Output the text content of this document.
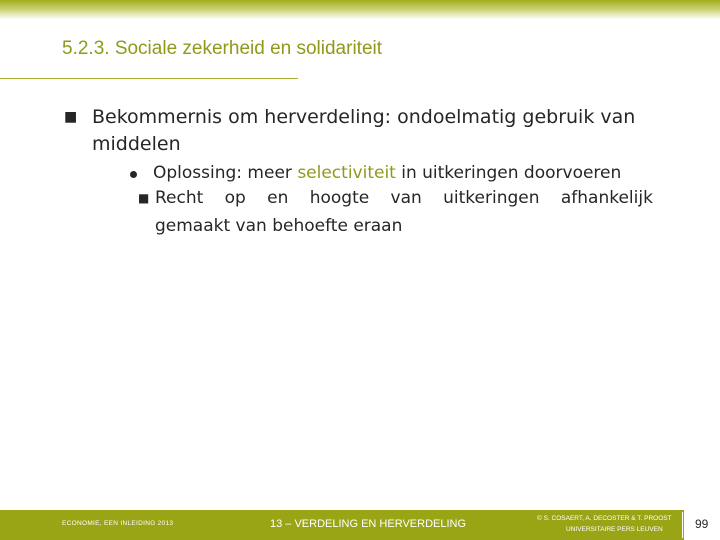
5.2.3. Sociale zekerheid en solidariteit
■ Bekommernis om herverdeling: ondoelmatig gebruik van
middelen
Oplossing: meer selectiviteit in uitkeringen doorvoeren
■ Recht op en hoogte van uitkeringen afhankelijk
gemaakt van behoefte eraan
ECONOMIE, EEN INLEIDING 2013	13 – VERDELING EN HERVERDELING	© S. COSAERT, A. DECOSTER & T. PROOST
UNIVERSITAIRE PERS LEUVEN	99
